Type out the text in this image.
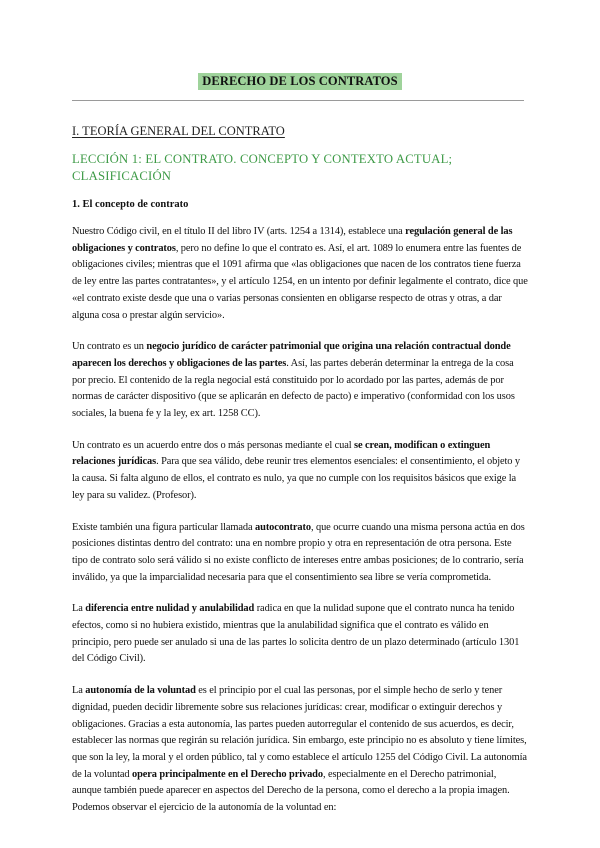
DERECHO DE LOS CONTRATOS
I. TEORÍA GENERAL DEL CONTRATO
LECCIÓN 1: EL CONTRATO. CONCEPTO Y CONTEXTO ACTUAL; CLASIFICACIÓN
1. El concepto de contrato

Nuestro Código civil, en el título II del libro IV (arts. 1254 a 1314), establece una regulación general de las obligaciones y contratos, pero no define lo que el contrato es. Así, el art. 1089 lo enumera entre las fuentes de obligaciones civiles; mientras que el 1091 afirma que «las obligaciones que nacen de los contratos tiene fuerza de ley entre las partes contratantes», y el artículo 1254, en un intento por definir legalmente el contrato, dice que «el contrato existe desde que una o varias personas consienten en obligarse respecto de otras y otras, a dar alguna cosa o prestar algún servicio».

Un contrato es un negocio jurídico de carácter patrimonial que origina una relación contractual donde aparecen los derechos y obligaciones de las partes. Así, las partes deberán determinar la entrega de la cosa por precio. El contenido de la regla negocial está constituido por lo acordado por las partes, además de por normas de carácter dispositivo (que se aplicarán en defecto de pacto) e imperativo (conformidad con los usos sociales, la buena fe y la ley, ex art. 1258 CC).

Un contrato es un acuerdo entre dos o más personas mediante el cual se crean, modifican o extinguen relaciones jurídicas. Para que sea válido, debe reunir tres elementos esenciales: el consentimiento, el objeto y la causa. Si falta alguno de ellos, el contrato es nulo, ya que no cumple con los requisitos básicos que exige la ley para su validez. (Profesor).

Existe también una figura particular llamada autocontrato, que ocurre cuando una misma persona actúa en dos posiciones distintas dentro del contrato: una en nombre propio y otra en representación de otra persona. Este tipo de contrato solo será válido si no existe conflicto de intereses entre ambas posiciones; de lo contrario, sería inválido, ya que la imparcialidad necesaria para que el consentimiento sea libre se vería comprometida.

La diferencia entre nulidad y anulabilidad radica en que la nulidad supone que el contrato nunca ha tenido efectos, como si no hubiera existido, mientras que la anulabilidad significa que el contrato es válido en principio, pero puede ser anulado si una de las partes lo solicita dentro de un plazo determinado (artículo 1301 del Código Civil).

La autonomía de la voluntad es el principio por el cual las personas, por el simple hecho de serlo y tener dignidad, pueden decidir libremente sobre sus relaciones jurídicas: crear, modificar o extinguir derechos y obligaciones. Gracias a esta autonomía, las partes pueden autorregular el contenido de sus acuerdos, es decir, establecer las normas que regirán su relación jurídica. Sin embargo, este principio no es absoluto y tiene límites, que son la ley, la moral y el orden público, tal y como establece el artículo 1255 del Código Civil. La autonomía de la voluntad opera principalmente en el Derecho privado, especialmente en el Derecho patrimonial, aunque también puede aparecer en aspectos del Derecho de la persona, como el derecho a la propia imagen. Podemos observar el ejercicio de la autonomía de la voluntad en:
